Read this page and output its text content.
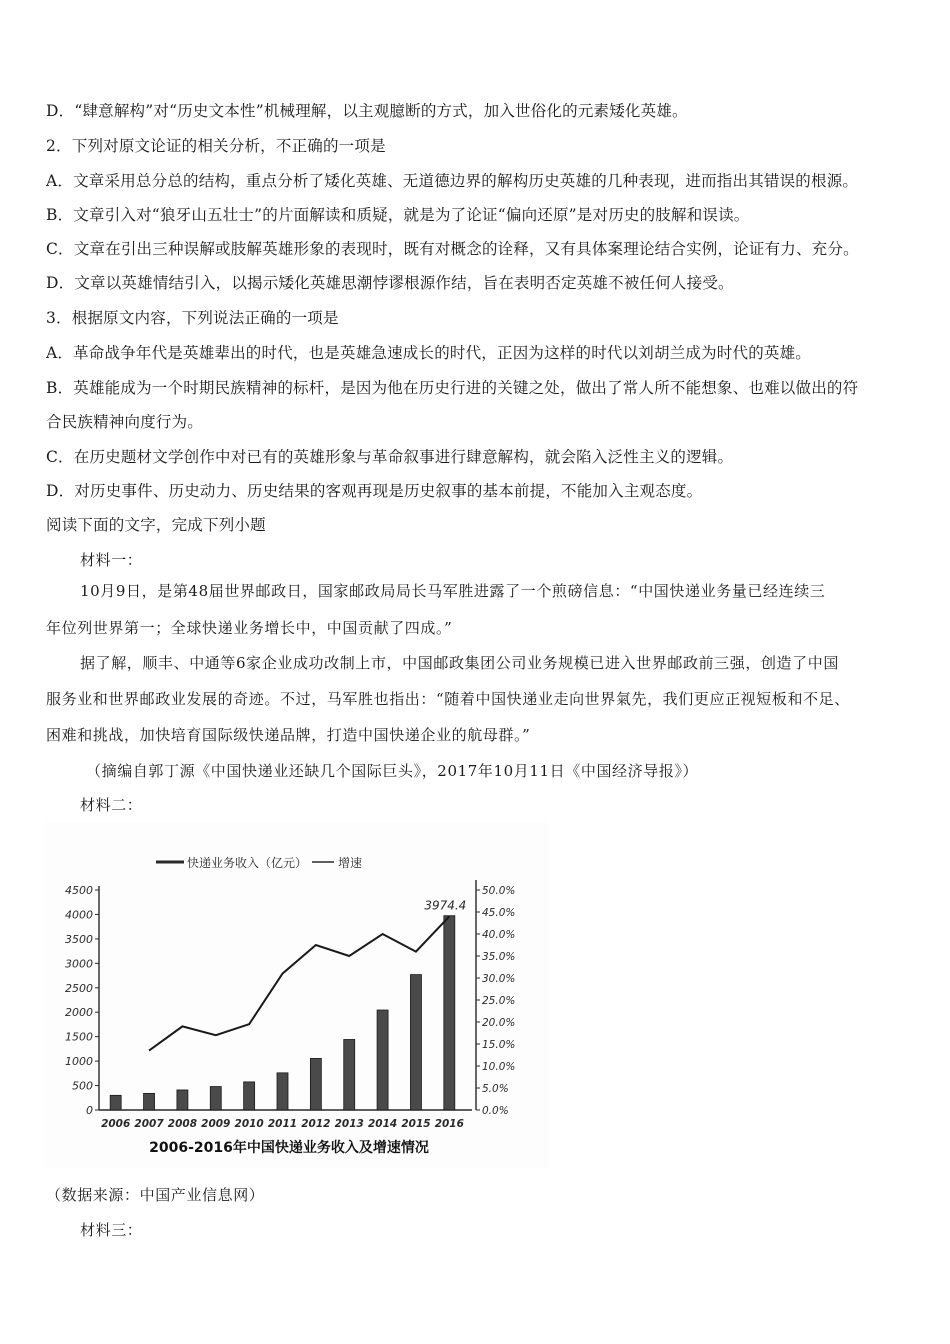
D．“肆意解构”对“历史文本性”机械理解，以主观臆断的方式，加入世俗化的元素矮化英雄。
2．下列对原文论证的相关分析，不正确的一项是
A．文章采用总分总的结构，重点分析了矮化英雄、无道德边界的解构历史英雄的几种表现，进而指出其错误的根源。
B．文章引入对“狼牙山五壮士”的片面解读和质疑，就是为了论证“偏向还原”是对历史的肢解和误读。
C．文章在引出三种误解或肢解英雄形象的表现时，既有对概念的诠释，又有具体案理论结合实例，论证有力、充分。
D．文章以英雄情结引入，以揭示矮化英雄思潮悖谬根源作结，旨在表明否定英雄不被任何人接受。
3．根据原文内容，下列说法正确的一项是
A．革命战争年代是英雄辈出的时代，也是英雄急速成长的时代，正因为这样的时代以刘胡兰成为时代的英雄。
B．英雄能成为一个时期民族精神的标杆，是因为他在历史行进的关键之处，做出了常人所不能想象、也难以做出的符
合民族精神向度行为。
C．在历史题材文学创作中对已有的英雄形象与革命叙事进行肆意解构，就会陷入泛性主义的逻辑。
D．对历史事件、历史动力、历史结果的客观再现是历史叙事的基本前提，不能加入主观态度。
阅读下面的文字，完成下列小题
材料一：
10月9日，是第48届世界邮政日，国家邮政局局长马军胜进露了一个煎磅信息：“中国快递业务量已经连续三
年位列世界第一；全球快递业务增长中，中国贡献了四成。”
据了解，顺丰、中通等6家企业成功改制上市，中国邮政集团公司业务规模已进入世界邮政前三强，创造了中国
服务业和世界邮政业发展的奇迹。不过，马军胜也指出：“随着中国快递业走向世界氣先，我们更应正视短板和不足、
困难和挑战，加快培育国际级快递品牌，打造中国快递企业的航母群。”
（摘编自郭丁源《中国快递业还缺几个国际巨头》，2017年10月11日《中国经济导报》）
材料二：
快递业务收入（亿元）	增速
0
500
1000
1500
2000
2500
3000
3500
4000
4500
0.0%
5.0%
10.0%
15.0%
20.0%
25.0%
30.0%
35.0%
40.0%
45.0%
50.0%
2006 2007 2008 2009 2010 2011 2012 2013 2014 2015 2016
3974.4
2006-2016年中国快递业务收入及增速情况
（数据来源：中国产业信息网）
材料三：
